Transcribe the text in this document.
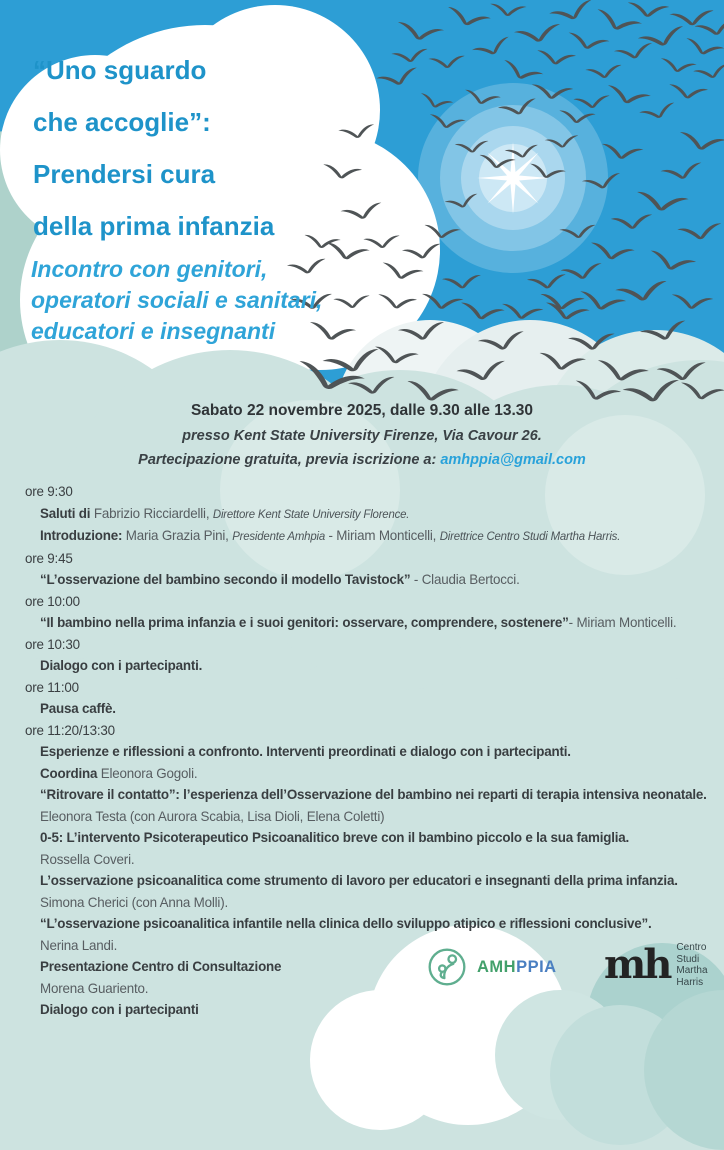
“Uno sguardo
che accoglie”:
Prendersi cura
della prima infanzia
Incontro con genitori,
operatori sociali e sanitari,
educatori e insegnanti
Sabato 22 novembre 2025, dalle 9.30 alle 13.30
presso Kent State University Firenze, Via Cavour 26.
Partecipazione gratuita, previa iscrizione a: amhppia@gmail.com
ore 9:30
Saluti di Fabrizio Ricciardelli, Direttore Kent State University Florence.
Introduzione: Maria Grazia Pini, Presidente Amhpia - Miriam Monticelli, Direttrice Centro Studi Martha Harris.
ore 9:45
“L’osservazione del bambino secondo il modello Tavistock” - Claudia Bertocci.
ore 10:00
“Il bambino nella prima infanzia e i suoi genitori: osservare, comprendere, sostenere”- Miriam Monticelli.
ore 10:30
Dialogo con i partecipanti.
ore 11:00
Pausa caffè.
ore 11:20/13:30
Esperienze e riflessioni a confronto. Interventi preordinati e dialogo con i partecipanti.
Coordina Eleonora Gogoli.
“Ritrovare il contatto”: l’esperienza dell’Osservazione del bambino nei reparti di terapia intensiva neonatale.
Eleonora Testa (con Aurora Scabia, Lisa Dioli, Elena Coletti)
0-5: L’intervento Psicoterapeutico Psicoanalitico breve con il bambino piccolo e la sua famiglia.
Rossella Coveri.
L’osservazione psicoanalitica come strumento di lavoro per educatori e insegnanti della prima infanzia.
Simona Cherici (con Anna Molli).
“L’osservazione psicoanalitica infantile nella clinica dello sviluppo atipico e riflessioni conclusive”.
Nerina Landi.
Presentazione Centro di Consultazione
Morena Guariento.
Dialogo con i partecipanti
AMHPPIA mh Centro Studi
Martha Harris
